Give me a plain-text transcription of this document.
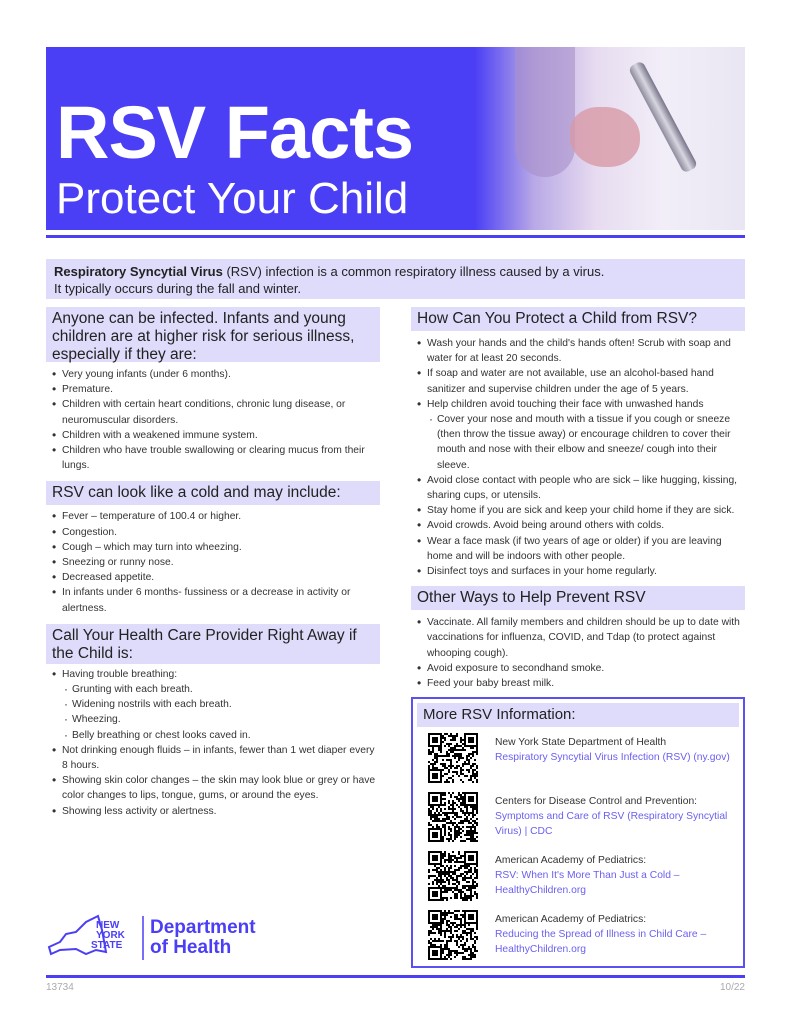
RSV Facts
Protect Your Child
Respiratory Syncytial Virus (RSV) infection is a common respiratory illness caused by a virus.
It typically occurs during the fall and winter.
Anyone can be infected. Infants and young children are at higher risk for serious illness, especially if they are:
• Very young infants (under 6 months).
• Premature.
• Children with certain heart conditions, chronic lung disease, or neuromuscular disorders.
• Children with a weakened immune system.
• Children who have trouble swallowing or clearing mucus from their lungs.
RSV can look like a cold and may include:
• Fever – temperature of 100.4 or higher.
• Congestion.
• Cough – which may turn into wheezing.
• Sneezing or runny nose.
• Decreased appetite.
• In infants under 6 months- fussiness or a decrease in activity or alertness.
Call Your Health Care Provider Right Away if the Child is:
• Having trouble breathing:
· Grunting with each breath.
· Widening nostrils with each breath.
· Wheezing.
· Belly breathing or chest looks caved in.
• Not drinking enough fluids – in infants, fewer than 1 wet diaper every 8 hours.
• Showing skin color changes – the skin may look blue or grey or have color changes to lips, tongue, gums, or around the eyes.
• Showing less activity or alertness.
How Can You Protect a Child from RSV?
• Wash your hands and the child's hands often! Scrub with soap and water for at least 20 seconds.
• If soap and water are not available, use an alcohol-based hand sanitizer and supervise children under the age of 5 years.
• Help children avoid touching their face with unwashed hands
· Cover your nose and mouth with a tissue if you cough or sneeze (then throw the tissue away) or encourage children to cover their mouth and nose with their elbow and sneeze/ cough into their sleeve.
• Avoid close contact with people who are sick – like hugging, kissing, sharing cups, or utensils.
• Stay home if you are sick and keep your child home if they are sick.
• Avoid crowds. Avoid being around others with colds.
• Wear a face mask (if two years of age or older) if you are leaving home and will be indoors with other people.
• Disinfect toys and surfaces in your home regularly.
Other Ways to Help Prevent RSV
• Vaccinate. All family members and children should be up to date with vaccinations for influenza, COVID, and Tdap (to protect against whooping cough).
• Avoid exposure to secondhand smoke.
• Feed your baby breast milk.
More RSV Information:
New York State Department of Health
Respiratory Syncytial Virus Infection (RSV) (ny.gov)
Centers for Disease Control and Prevention:
Symptoms and Care of RSV (Respiratory Syncytial Virus) | CDC
American Academy of Pediatrics:
RSV: When It's More Than Just a Cold – HealthyChildren.org
American Academy of Pediatrics:
Reducing the Spread of Illness in Child Care – HealthyChildren.org
NEW
YORK
STATE
Department
of Health
13734	10/22
